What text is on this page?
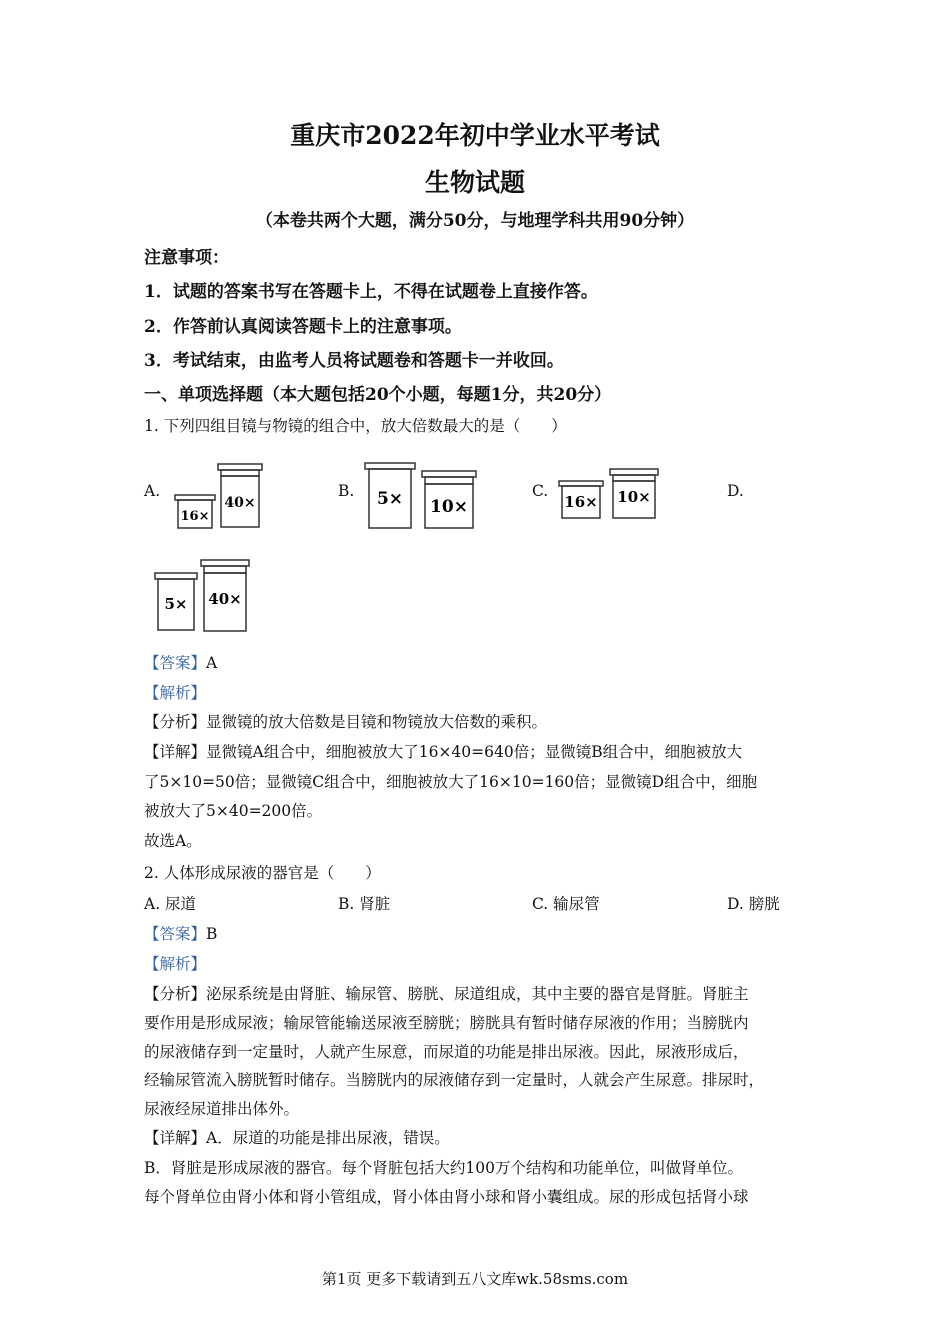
重庆市2022年初中学业水平考试
生物试题
（本卷共两个大题，满分50分，与地理学科共用90分钟）
注意事项：
1．试题的答案书写在答题卡上，不得在试题卷上直接作答。
2．作答前认真阅读答题卡上的注意事项。
3．考试结束，由监考人员将试题卷和答题卡一并收回。
一、单项选择题（本大题包括20个小题，每题1分，共20分）
1. 下列四组目镜与物镜的组合中，放大倍数最大的是（　　）
A.	B.	C.	D.
16×
40×	5× 10×	16× 10×
5× 40×
【答案】A
【解析】
【分析】显微镜的放大倍数是目镜和物镜放大倍数的乘积。
【详解】显微镜A组合中，细胞被放大了16×40=640倍；显微镜B组合中，细胞被放大
了5×10=50倍；显微镜C组合中，细胞被放大了16×10=160倍；显微镜D组合中，细胞
被放大了5×40=200倍。
故选A。
2. 人体形成尿液的器官是（　　）
A. 尿道	B. 肾脏	C. 输尿管	D. 膀胱
【答案】B
【解析】
【分析】泌尿系统是由肾脏、输尿管、膀胱、尿道组成，其中主要的器官是肾脏。肾脏主
要作用是形成尿液；输尿管能输送尿液至膀胱；膀胱具有暂时储存尿液的作用；当膀胱内
的尿液储存到一定量时，人就产生尿意，而尿道的功能是排出尿液。因此，尿液形成后，
经输尿管流入膀胱暂时储存。当膀胱内的尿液储存到一定量时，人就会产生尿意。排尿时，
尿液经尿道排出体外。
【详解】A．尿道的功能是排出尿液，错误。
B．肾脏是形成尿液的器官。每个肾脏包括大约100万个结构和功能单位，叫做肾单位。
每个肾单位由肾小体和肾小管组成，肾小体由肾小球和肾小囊组成。尿的形成包括肾小球
第1页 更多下载请到五八文库wk.58sms.com
